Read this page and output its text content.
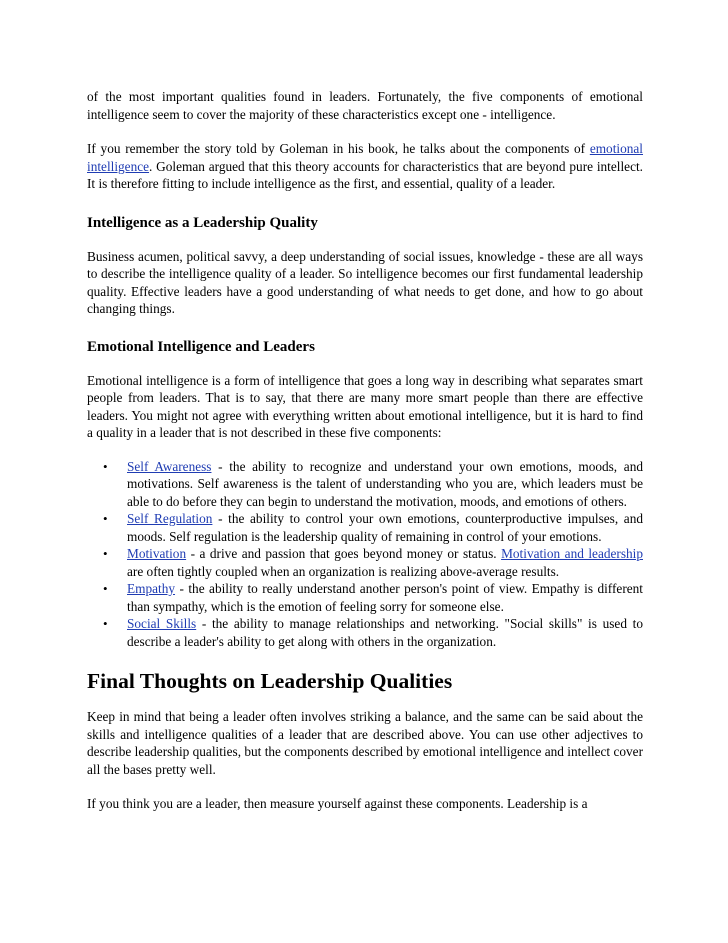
of the most important qualities found in leaders. Fortunately, the five components of emotional intelligence seem to cover the majority of these characteristics except one - intelligence.

If you remember the story told by Goleman in his book, he talks about the components of emotional intelligence. Goleman argued that this theory accounts for characteristics that are beyond pure intellect. It is therefore fitting to include intelligence as the first, and essential, quality of a leader.

Intelligence as a Leadership Quality

Business acumen, political savvy, a deep understanding of social issues, knowledge - these are all ways to describe the intelligence quality of a leader. So intelligence becomes our first fundamental leadership quality. Effective leaders have a good understanding of what needs to get done, and how to go about changing things.

Emotional Intelligence and Leaders

Emotional intelligence is a form of intelligence that goes a long way in describing what separates smart people from leaders. That is to say, that there are many more smart people than there are effective leaders. You might not agree with everything written about emotional intelligence, but it is hard to find a quality in a leader that is not described in these five components:

• Self Awareness - the ability to recognize and understand your own emotions, moods, and motivations. Self awareness is the talent of understanding who you are, which leaders must be able to do before they can begin to understand the motivation, moods, and emotions of others.
• Self Regulation - the ability to control your own emotions, counterproductive impulses, and moods. Self regulation is the leadership quality of remaining in control of your emotions.
• Motivation - a drive and passion that goes beyond money or status. Motivation and leadership are often tightly coupled when an organization is realizing above-average results.
• Empathy - the ability to really understand another person's point of view. Empathy is different than sympathy, which is the emotion of feeling sorry for someone else.
• Social Skills - the ability to manage relationships and networking. "Social skills" is used to describe a leader's ability to get along with others in the organization.
Final Thoughts on Leadership Qualities

Keep in mind that being a leader often involves striking a balance, and the same can be said about the skills and intelligence qualities of a leader that are described above. You can use other adjectives to describe leadership qualities, but the components described by emotional intelligence and intellect cover all the bases pretty well.

If you think you are a leader, then measure yourself against these components. Leadership is a
